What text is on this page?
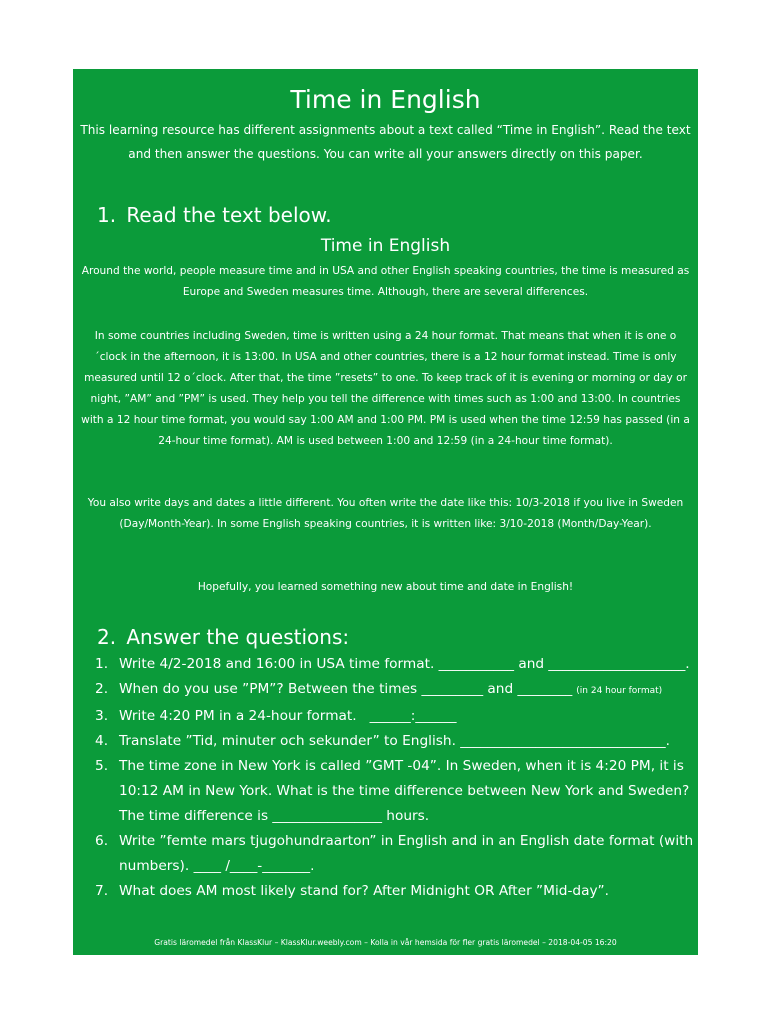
Time in English
This learning resource has different assignments about a text called “Time in English”. Read the text and then answer the questions. You can write all your answers directly on this paper.
1. Read the text below.
Time in English
Around the world, people measure time and in USA and other English speaking countries, the time is measured as Europe and Sweden measures time. Although, there are several differences.
In some countries including Sweden, time is written using a 24 hour format. That means that when it is one o´clock in the afternoon, it is 13:00. In USA and other countries, there is a 12 hour format instead. Time is only measured until 12 o´clock. After that, the time ”resets” to one. To keep track of it is evening or morning or day or night, ”AM” and ”PM” is used. They help you tell the difference with times such as 1:00 and 13:00. In countries with a 12 hour time format, you would say 1:00 AM and 1:00 PM. PM is used when the time 12:59 has passed (in a 24-hour time format). AM is used between 1:00 and 12:59 (in a 24-hour time format).
You also write days and dates a little different. You often write the date like this: 10/3-2018 if you live in Sweden (Day/Month-Year). In some English speaking countries, it is written like: 3/10-2018 (Month/Day-Year).
Hopefully, you learned something new about time and date in English!
2. Answer the questions:
1. Write 4/2-2018 and 16:00 in USA time format. ___________ and ____________________.
2. When do you use ”PM”? Between the times _________ and ________ (in 24 hour format)
3. Write 4:20 PM in a 24-hour format.   ______:______
4. Translate ”Tid, minuter och sekunder” to English. ______________________________.
5. The time zone in New York is called ”GMT -04”. In Sweden, when it is 4:20 PM, it is 10:12 AM in New York. What is the time difference between New York and Sweden? The time difference is ________________ hours.
6. Write ”femte mars tjugohundraarton” in English and in an English date format (with numbers). ____ /____-_______.
7. What does AM most likely stand for? After Midnight OR After ”Mid-day”.
Gratis läromedel från KlassKlur – KlassKlur.weebly.com – Kolla in vår hemsida för fler gratis läromedel – 2018-04-05 16:20
